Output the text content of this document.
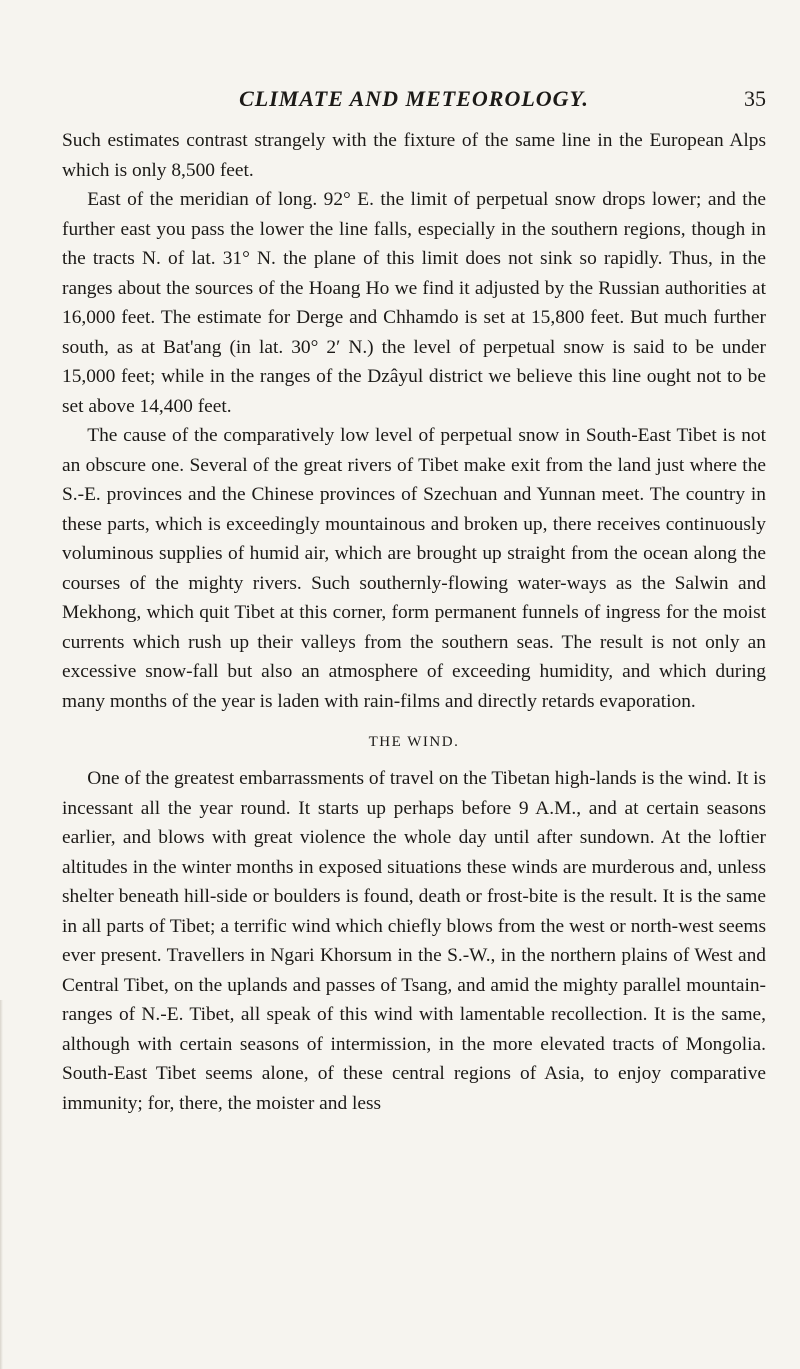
CLIMATE AND METEOROLOGY.	35

Such estimates contrast strangely with the fixture of the same line in the European Alps which is only 8,500 feet.

East of the meridian of long. 92° E. the limit of perpetual snow drops lower; and the further east you pass the lower the line falls, especially in the southern regions, though in the tracts N. of lat. 31° N. the plane of this limit does not sink so rapidly. Thus, in the ranges about the sources of the Hoang Ho we find it adjusted by the Russian authorities at 16,000 feet. The estimate for Derge and Chhamdo is set at 15,800 feet. But much further south, as at Bat'ang (in lat. 30° 2′ N.) the level of perpetual snow is said to be under 15,000 feet; while in the ranges of the Dzâyul district we believe this line ought not to be set above 14,400 feet.

The cause of the comparatively low level of perpetual snow in South-East Tibet is not an obscure one. Several of the great rivers of Tibet make exit from the land just where the S.-E. provinces and the Chinese provinces of Szechuan and Yunnan meet. The country in these parts, which is exceedingly mountainous and broken up, there receives continuously voluminous supplies of humid air, which are brought up straight from the ocean along the courses of the mighty rivers. Such southernly-flowing water-ways as the Salwin and Mekhong, which quit Tibet at this corner, form permanent funnels of ingress for the moist currents which rush up their valleys from the southern seas. The result is not only an excessive snow-fall but also an atmosphere of exceeding humidity, and which during many months of the year is laden with rain-films and directly retards evaporation.

THE WIND.

One of the greatest embarrassments of travel on the Tibetan high-lands is the wind. It is incessant all the year round. It starts up perhaps before 9 A.M., and at certain seasons earlier, and blows with great violence the whole day until after sundown. At the loftier altitudes in the winter months in exposed situations these winds are murderous and, unless shelter beneath hill-side or boulders is found, death or frost-bite is the result. It is the same in all parts of Tibet; a terrific wind which chiefly blows from the west or north-west seems ever present. Travellers in Ngari Khorsum in the S.-W., in the northern plains of West and Central Tibet, on the uplands and passes of Tsang, and amid the mighty parallel mountain-ranges of N.-E. Tibet, all speak of this wind with lamentable recollection. It is the same, although with certain seasons of intermission, in the more elevated tracts of Mongolia. South-East Tibet seems alone, of these central regions of Asia, to enjoy comparative immunity; for, there, the moister and less
